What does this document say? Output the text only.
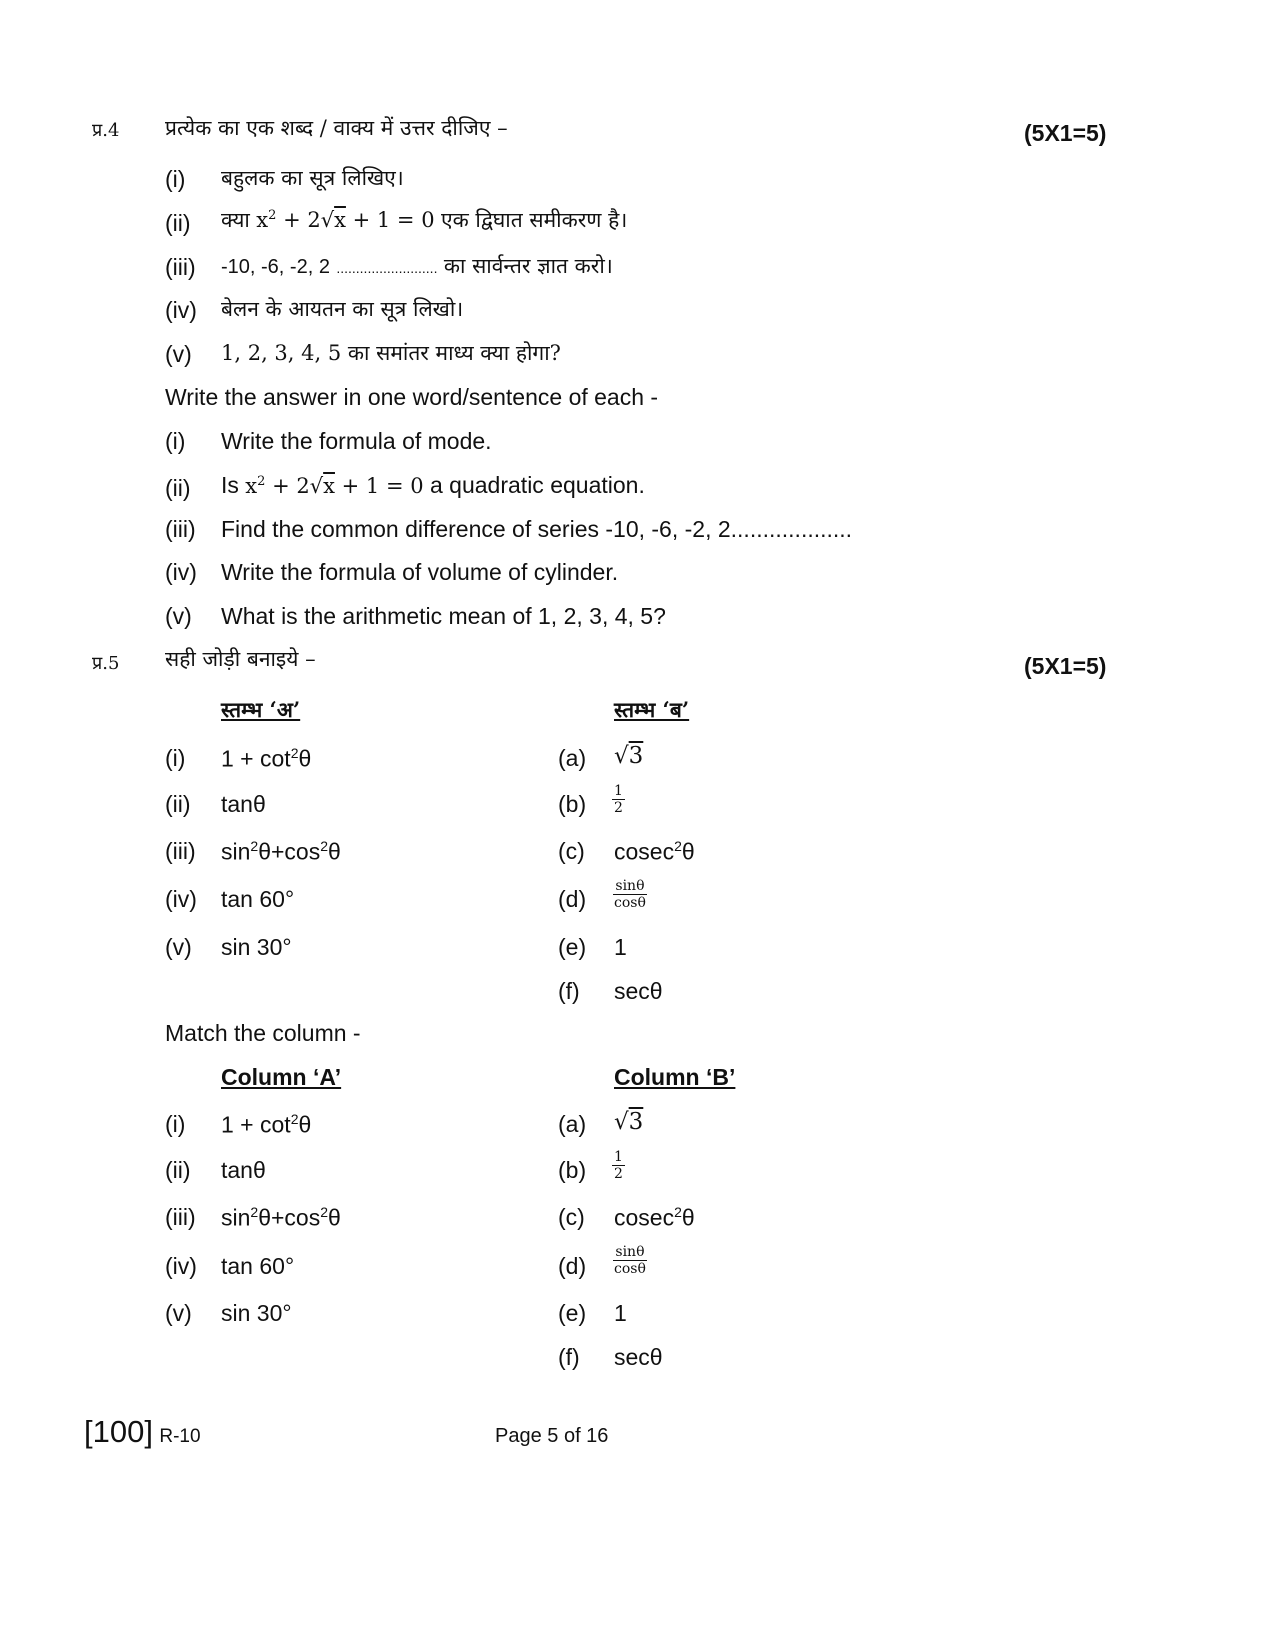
प्र.4 प्रत्येक का एक शब्द / वाक्य में उत्तर दीजिए –	(5X1=5)
(i) बहुलक का सूत्र लिखिए।
(ii) क्या $x^2 + 2√x + 1 = 0$ एक द्विघात समीकरण है।
(iii) -10, -6, -2, 2 .......................... का सार्वन्तर ज्ञात करो।
(iv) बेलन के आयतन का सूत्र लिखो।
(v) 1, 2, 3, 4, 5 का समांतर माध्य क्या होगा?
Write the answer in one word/sentence of each -
(i) Write the formula of mode.
(ii) Is $x^2 + 2√x + 1 = 0$ a quadratic equation.
(iii) Find the common difference of series -10, -6, -2, 2...................
(iv) Write the formula of volume of cylinder.
(v) What is the arithmetic mean of 1, 2, 3, 4, 5?
प्र.5 सही जोड़ी बनाइये –	(5X1=5)
स्तम्भ ‘अ’	स्तम्भ ‘ब’
(i) $1 + \cot^2\theta$	(a) √3
(ii) tanθ	$(b) \frac{1}{2}$
(iii) $\sin^2\theta+\cos^2\theta$	(c) cosec$^2$θ
(iv) tan 60°	$(d) \frac{\sin\theta}{\cos\theta}$
(v) sin 30°	(e) 1
(f) secθ
Match the column -
Column ‘A’	Column ‘B’
(i) $1 + \cot^2\theta$	(a) √3
(ii) tanθ	$(b) \frac{1}{2}$
(iii) $\sin^2\theta+\cos^2\theta$	(c) cosec$^2$θ
(iv) tan 60°	$(d) \frac{\sin\theta}{\cos\theta}$
(v) sin 30°	(e) 1
(f) secθ
[100] R-10	Page 5 of 16
